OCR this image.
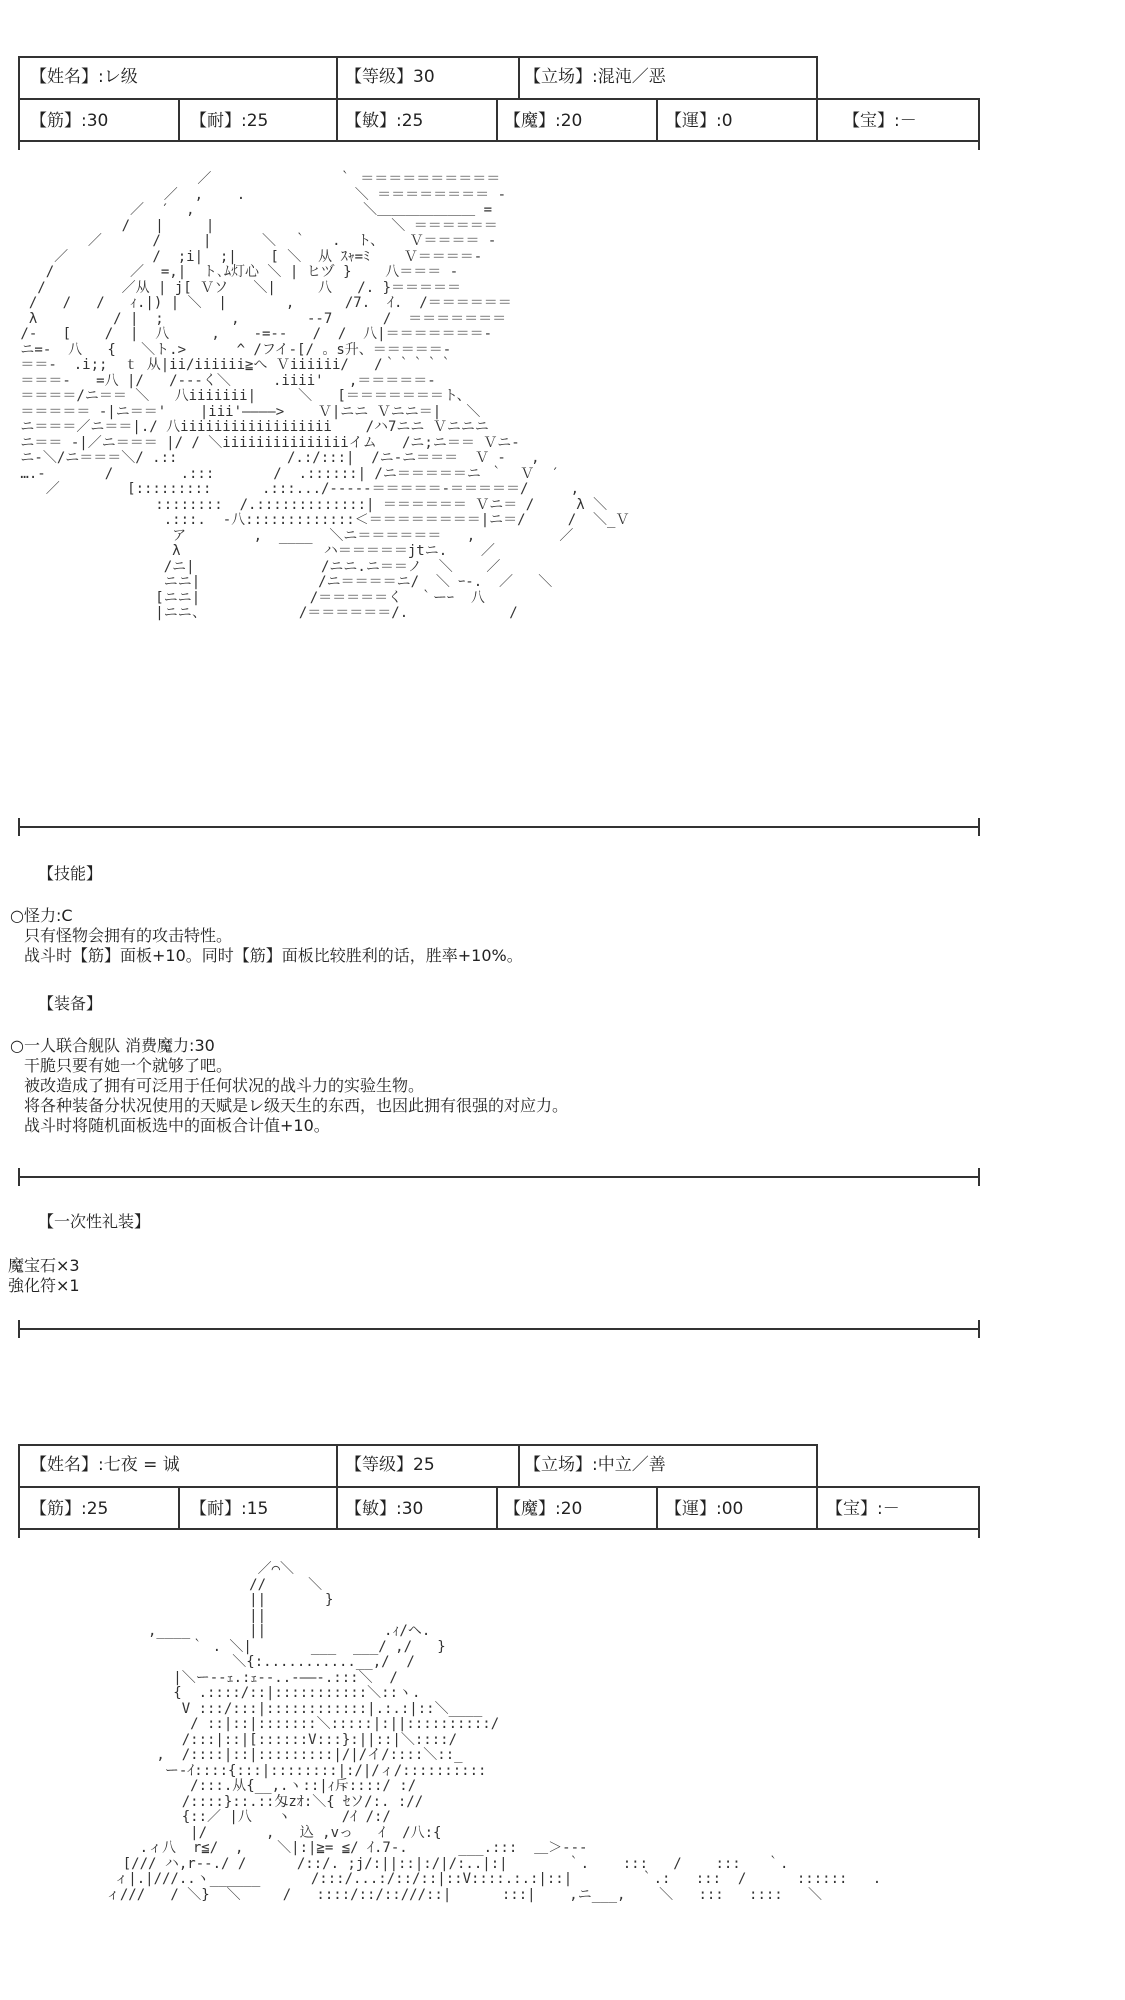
【姓名】:レ级	【等级】30	【立场】:混沌／恶
【筋】:30	【耐】:25	【敏】:25	【魔】:20	【運】:0	【宝】:－
／               ｀ ＝＝＝＝＝＝＝＝＝＝
／  ,    .             ＼ ＝＝＝＝＝＝＝＝ -
／  ′  ,                    ＼＿＿＿＿＿＿＿ =
/   |     |                     ＼ ＝＝＝＝＝＝
／      /     |      ＼  ｀   .  ト、   Ｖ＝＝＝＝ -
／          /  ;i|  ;|    [ ＼  从 ｽｬ=ﾐ    Ｖ＝＝＝＝-
/         ／  =,|  ト､ﾑ灯心 ＼ | ヒヅ }    八＝＝＝ -
/         ／从 | j[ Ｖソ   ＼|     八   /. }＝＝＝＝＝
/   /   /   ｨ.|) | ＼  |       ,      /7.  ｲ.  /＝＝＝＝＝＝
λ         / |  ;        ,        --7      /  ＝＝＝＝＝＝＝
/-   [    /  |  八     ,    -=--   /  /  八|＝＝＝＝＝＝＝-
ニ=-  八   {   ＼ト.>      ^ /フイ-[/ 。s升、＝＝＝＝＝-
＝＝-  .i;;  ｔ 从|ii/iiiiii≧へ Ｖiiiiii/   /｀｀｀｀｀
＝＝＝-   =八 |/   /---く＼     .iiii'   ,＝＝＝＝＝-
＝＝＝＝/ニ＝＝ ＼   八iiiiiii|     ＼   [＝＝＝＝＝＝＝ト、
＝＝＝＝＝ -|ニ＝＝'    |iii'――――>    Ｖ|ニニ Ｖニニ＝|   ＼
ニ＝＝＝／ニ＝＝|./ 八iiiiiiiiiiiiiiiiii    /ハ7ニニ Ｖニニニ
ニ＝＝ -|／ニ＝＝＝ |/ / ＼iiiiiiiiiiiiiiiイム   /ニ;ニ＝＝ Ｖニ-
ニ-＼/ニ＝＝＝＼/ .::             /.:/:::|  /ニ-ニ＝＝＝  Ｖ -   ,
….-       /        .:::       /  .::::::| /ニ＝＝＝＝＝ニ ｀  Ｖ  ′
／        [:::::::::      .:::.../-----＝＝＝＝＝-＝＝＝＝＝/     ,
::::::::  /.:::::::::::::| ＝＝＝＝＝＝ Ｖニ＝ /     λ ＼
.:::.  -八:::::::::::::＜＝＝＝＝＝＝＝＝|ニ＝/     /  ＼_Ｖ
ア        ,  ____  ＼ニ＝＝＝＝＝＝   ,          ／
λ                 ハ＝＝＝＝＝jtニ.    ／
/ニ|               /ニニ.ニ＝＝ノ  ＼    ／
ニニ|              /ニ＝＝＝＝ニ/  ＼ ｰ-.  ／   ＼
[ニニ|             /＝＝＝＝＝く  ｀ーｰ  八
|ニニ、           /＝＝＝＝＝＝/.            /
【技能】
○怪力:C
只有怪物会拥有的攻击特性。
战斗时【筋】面板+10。同时【筋】面板比较胜利的话，胜率+10%。
【装备】
○一人联合舰队 消费魔力:30
干脆只要有她一个就够了吧。
被改造成了拥有可泛用于任何状况的战斗力的实验生物。
将各种装备分状况使用的天赋是レ级天生的东西，也因此拥有很强的对应力。
战斗时将随机面板选中的面板合计值+10。
【一次性礼装】
魔宝石×3
強化符×1
【姓名】:七夜 = 诚	【等级】25	【立场】:中立／善
【筋】:25	【耐】:15	【敏】:30	【魔】:20	【運】:00	【宝】:－
／⌒＼
//     ＼
||       }
||
,____       ||              .ｨ/ヘ.
｀ . ＼|       ___  ___/ ,/   }
＼{:...........__,/  /
|＼ー--ｪ.:ｪ--..-――-.:::＼  /
{  .::::/::|:::::::::::＼::ヽ.
V :::/:::|::::::::::::|.:.:|::＼____
/ ::|::|:::::::＼:::::|:||::::::::::/
/:::|::|[::::::V:::}:||::|＼::::/
,  /::::|::|:::::::::|/|/イ/::::＼::_
ー-ｲ::::{:::|::::::::|:/|/ィ/::::::::::
/:::.从{__,.ヽ::|ｨ斥::::/ :/
/::::}::.::匁zｵ:＼{ ｾソ/:. ://
{::／ |八   ヽ      /ｲ /:/
|/       ,   込 ,vっ   ｲ  /八:{
.ィ八  r≦/  ,    ＼|:|≧= ≦/ ｲ.7-.      ___.:::  ＿＞---
[/// ハ,r--./ /      /::/. ;j/:||::|:/|/:..|:|       ｀.    :::   /    :::   ｀.
ィ|.|///..ヽ______      /:::/...:/::/::|::V::::.:.:|::|        ｀.:   :::  /      ::::::   .
ィ///   / ＼}  ＼     /   ::::/::/::///::|      :::|    ,ニ___,    ＼   :::   ::::   ＼
